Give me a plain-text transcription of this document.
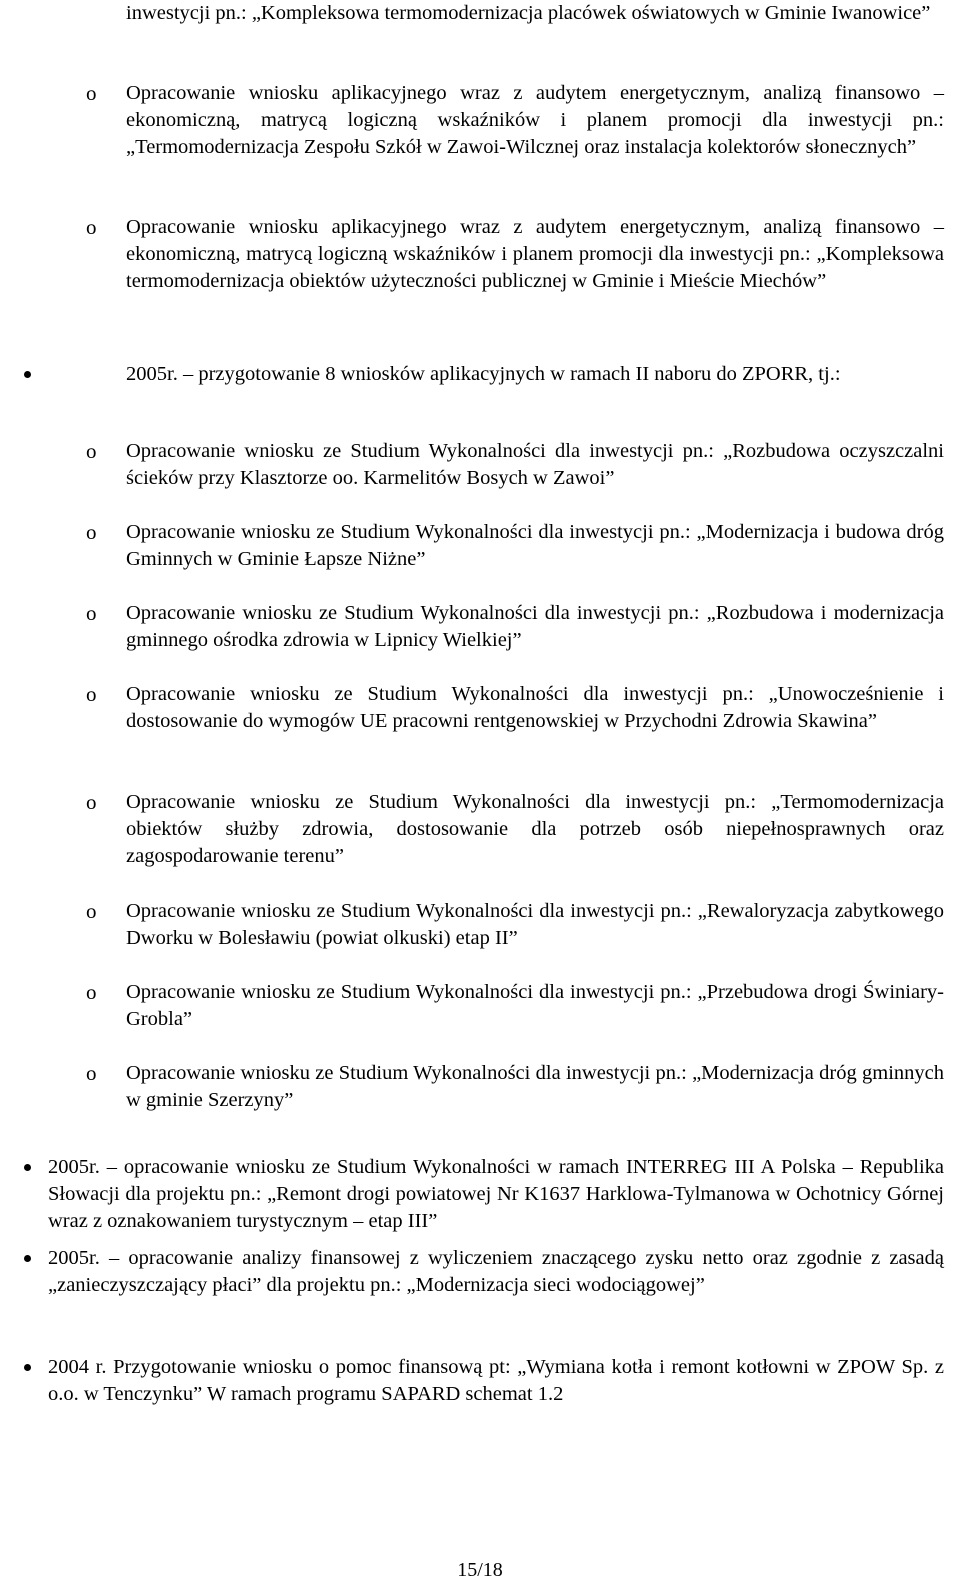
inwestycji pn.: „Kompleksowa termomodernizacja placówek oświatowych w Gminie Iwanowice”

o Opracowanie wniosku aplikacyjnego wraz z audytem energetycznym, analizą finansowo – ekonomiczną, matrycą logiczną wskaźników i planem promocji dla inwestycji pn.: „Termomodernizacja Zespołu Szkół w Zawoi-Wilcznej oraz instalacja kolektorów słonecznych”

o Opracowanie wniosku aplikacyjnego wraz z audytem energetycznym, analizą finansowo – ekonomiczną, matrycą logiczną wskaźników i planem promocji dla inwestycji pn.: „Kompleksowa termomodernizacja obiektów użyteczności publicznej w Gminie i Mieście Miechów”

2005r. – przygotowanie 8 wniosków aplikacyjnych w ramach II naboru do ZPORR, tj.:

o Opracowanie wniosku ze Studium Wykonalności dla inwestycji pn.: „Rozbudowa oczyszczalni ścieków przy Klasztorze oo. Karmelitów Bosych w Zawoi”

o Opracowanie wniosku ze Studium Wykonalności dla inwestycji pn.: „Modernizacja i budowa dróg Gminnych w Gminie Łapsze Niżne”

o Opracowanie wniosku ze Studium Wykonalności dla inwestycji pn.: „Rozbudowa i modernizacja gminnego ośrodka zdrowia w Lipnicy Wielkiej”

o Opracowanie wniosku ze Studium Wykonalności dla inwestycji pn.: „Unowocześnienie i dostosowanie do wymogów UE pracowni rentgenowskiej w Przychodni Zdrowia Skawina”

o Opracowanie wniosku ze Studium Wykonalności dla inwestycji pn.: „Termomodernizacja obiektów służby zdrowia, dostosowanie dla potrzeb osób niepełnosprawnych oraz zagospodarowanie terenu”

o Opracowanie wniosku ze Studium Wykonalności dla inwestycji pn.: „Rewaloryzacja zabytkowego Dworku w Bolesławiu (powiat olkuski) etap II”

o Opracowanie wniosku ze Studium Wykonalności dla inwestycji pn.: „Przebudowa drogi Świniary-Grobla”

o Opracowanie wniosku ze Studium Wykonalności dla inwestycji pn.: „Modernizacja dróg gminnych w gminie Szerzyny”

2005r. – opracowanie wniosku ze Studium Wykonalności w ramach INTERREG III A Polska – Republika Słowacji dla projektu pn.: „Remont drogi powiatowej Nr K1637 Harklowa-Tylmanowa w Ochotnicy Górnej wraz z oznakowaniem turystycznym – etap III”

2005r. – opracowanie analizy finansowej z wyliczeniem znaczącego zysku netto oraz zgodnie z zasadą „zanieczyszczający płaci” dla projektu pn.: „Modernizacja sieci wodociągowej”

2004 r. Przygotowanie wniosku o pomoc finansową pt: „Wymiana kotła i remont kotłowni w ZPOW Sp. z o.o. w Tenczynku” W ramach programu SAPARD schemat 1.2

15/18
